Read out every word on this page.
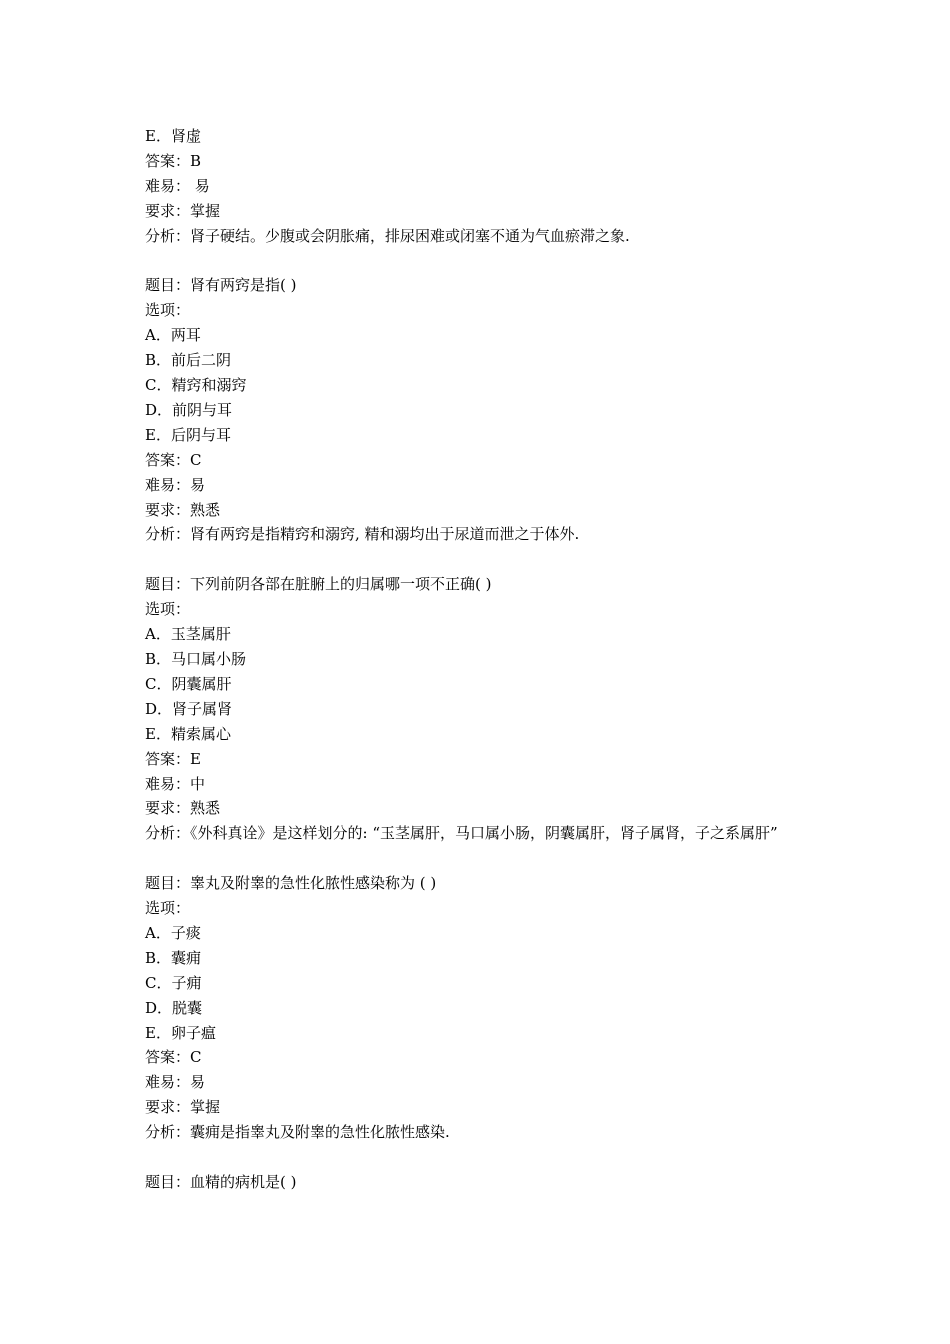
E．肾虚
答案：B
难易： 易
要求：掌握
分析：肾子硬结。少腹或会阴胀痛，排尿困难或闭塞不通为气血瘀滞之象.
题目：肾有两窍是指( )
选项：
A．两耳
B．前后二阴
C．精窍和溺窍
D．前阴与耳
E．后阴与耳
答案：C
难易：易
要求：熟悉
分析：肾有两窍是指精窍和溺窍, 精和溺均出于尿道而泄之于体外.
题目：下列前阴各部在脏腑上的归属哪一项不正确( )
选项：
A．玉茎属肝
B．马口属小肠
C．阴囊属肝
D．肾子属肾
E．精索属心
答案：E
难易：中
要求：熟悉
分析：《外科真诠》是这样划分的: “玉茎属肝，马口属小肠，阴囊属肝，肾子属肾，子之系属肝”
题目：睾丸及附睾的急性化脓性感染称为 ( )
选项：
A．子痰
B．囊痈
C．子痈
D．脱囊
E．卵子瘟
答案：C
难易：易
要求：掌握
分析：囊痈是指睾丸及附睾的急性化脓性感染.
题目：血精的病机是( )
